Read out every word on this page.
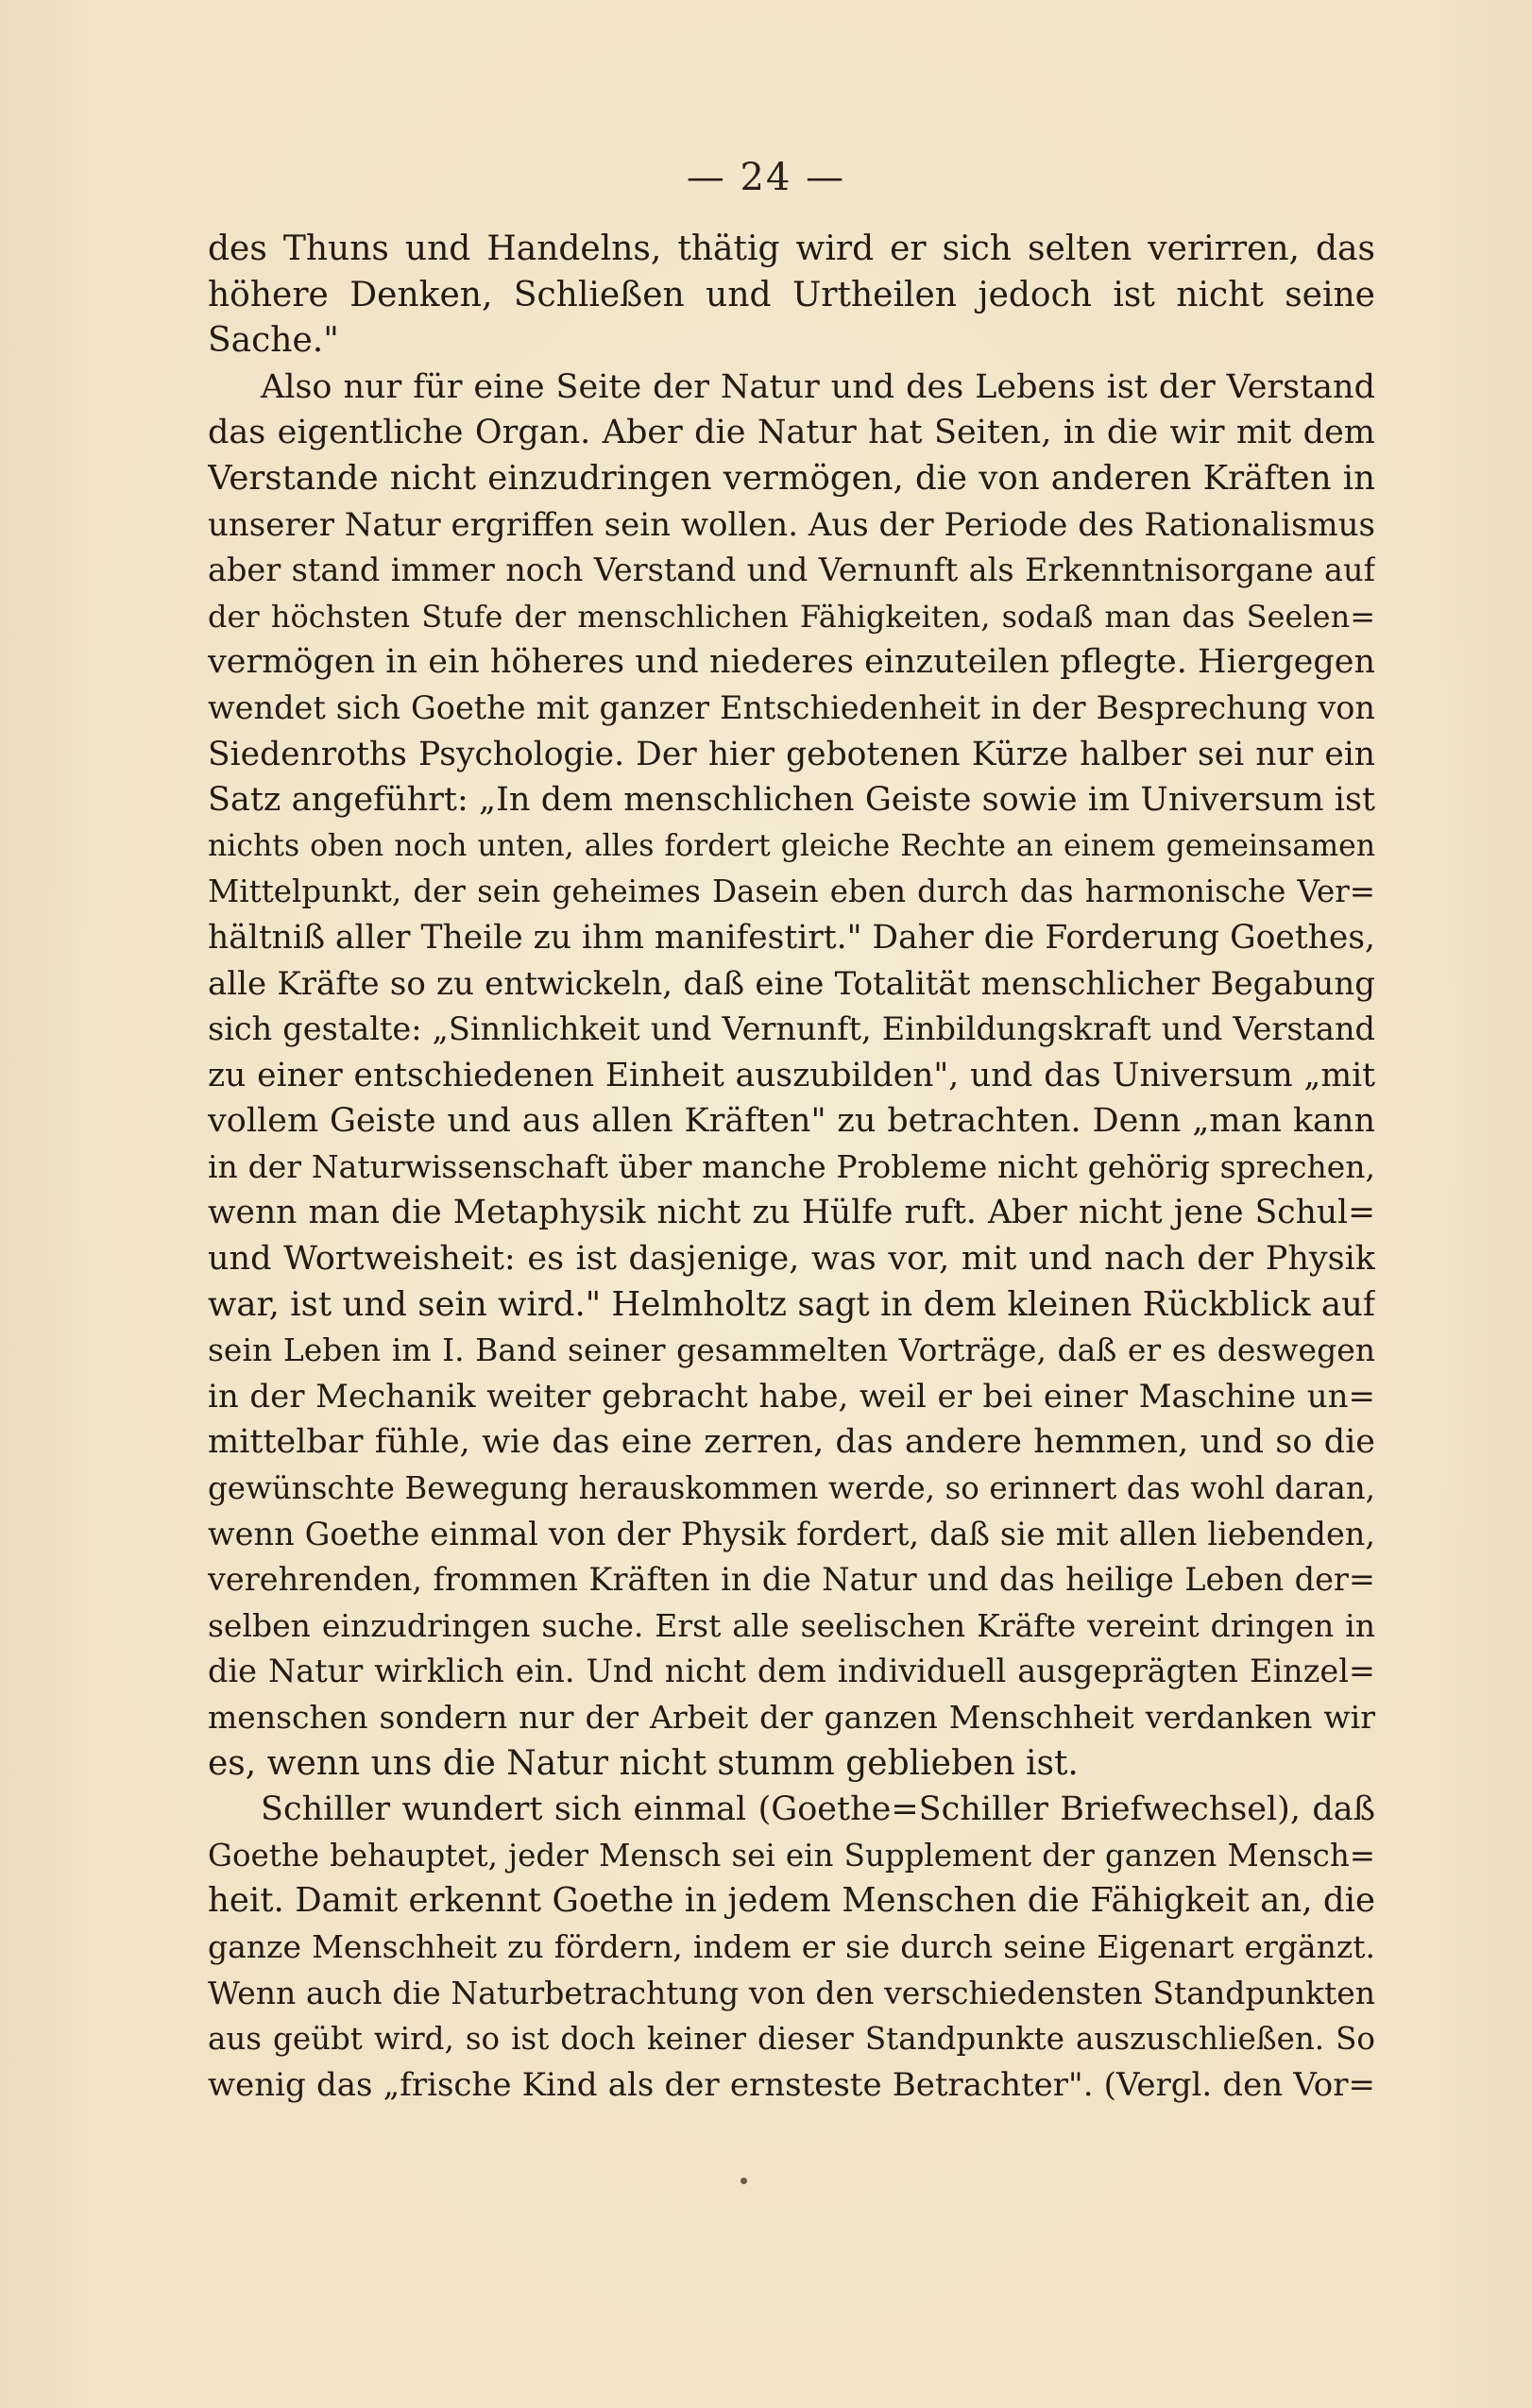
— 24 —
des Thuns und Handelns, thätig wird er sich selten verirren, das
höhere Denken, Schließen und Urtheilen jedoch ist nicht seine
Sache."
Also nur für eine Seite der Natur und des Lebens ist der Verstand
das eigentliche Organ. Aber die Natur hat Seiten, in die wir mit dem
Verstande nicht einzudringen vermögen, die von anderen Kräften in
unserer Natur ergriffen sein wollen. Aus der Periode des Rationalismus
aber stand immer noch Verstand und Vernunft als Erkenntnisorgane auf
der höchsten Stufe der menschlichen Fähigkeiten, sodaß man das Seelen=
vermögen in ein höheres und niederes einzuteilen pflegte. Hiergegen
wendet sich Goethe mit ganzer Entschiedenheit in der Besprechung von
Siedenroths Psychologie. Der hier gebotenen Kürze halber sei nur ein
Satz angeführt: „In dem menschlichen Geiste sowie im Universum ist
nichts oben noch unten, alles fordert gleiche Rechte an einem gemeinsamen
Mittelpunkt, der sein geheimes Dasein eben durch das harmonische Ver=
hältniß aller Theile zu ihm manifestirt." Daher die Forderung Goethes,
alle Kräfte so zu entwickeln, daß eine Totalität menschlicher Begabung
sich gestalte: „Sinnlichkeit und Vernunft, Einbildungskraft und Verstand
zu einer entschiedenen Einheit auszubilden", und das Universum „mit
vollem Geiste und aus allen Kräften" zu betrachten. Denn „man kann
in der Naturwissenschaft über manche Probleme nicht gehörig sprechen,
wenn man die Metaphysik nicht zu Hülfe ruft. Aber nicht jene Schul=
und Wortweisheit: es ist dasjenige, was vor, mit und nach der Physik
war, ist und sein wird." Helmholtz sagt in dem kleinen Rückblick auf
sein Leben im I. Band seiner gesammelten Vorträge, daß er es deswegen
in der Mechanik weiter gebracht habe, weil er bei einer Maschine un=
mittelbar fühle, wie das eine zerren, das andere hemmen, und so die
gewünschte Bewegung herauskommen werde, so erinnert das wohl daran,
wenn Goethe einmal von der Physik fordert, daß sie mit allen liebenden,
verehrenden, frommen Kräften in die Natur und das heilige Leben der=
selben einzudringen suche. Erst alle seelischen Kräfte vereint dringen in
die Natur wirklich ein. Und nicht dem individuell ausgeprägten Einzel=
menschen sondern nur der Arbeit der ganzen Menschheit verdanken wir
es, wenn uns die Natur nicht stumm geblieben ist.
Schiller wundert sich einmal (Goethe=Schiller Briefwechsel), daß
Goethe behauptet, jeder Mensch sei ein Supplement der ganzen Mensch=
heit. Damit erkennt Goethe in jedem Menschen die Fähigkeit an, die
ganze Menschheit zu fördern, indem er sie durch seine Eigenart ergänzt.
Wenn auch die Naturbetrachtung von den verschiedensten Standpunkten
aus geübt wird, so ist doch keiner dieser Standpunkte auszuschließen. So
wenig das „frische Kind als der ernsteste Betrachter". (Vergl. den Vor=
